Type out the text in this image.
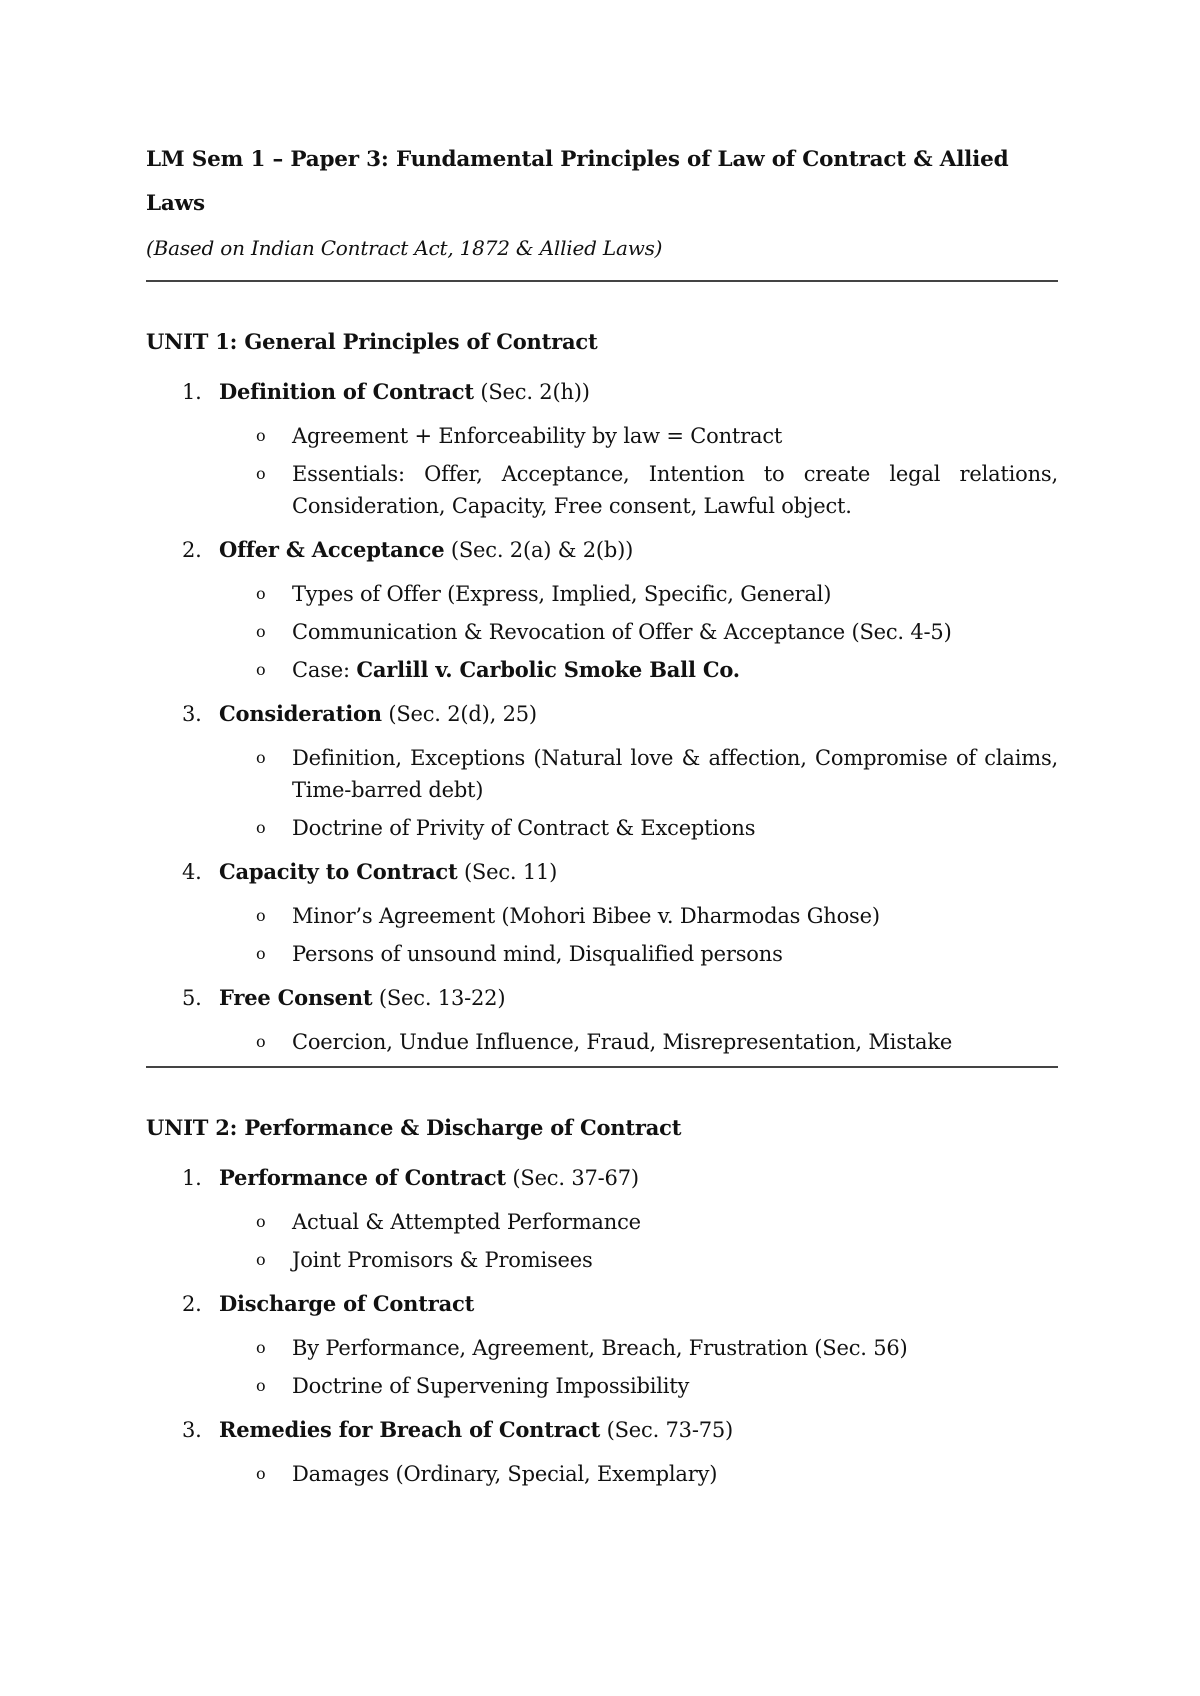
LM Sem 1 – Paper 3: Fundamental Principles of Law of Contract & Allied Laws
(Based on Indian Contract Act, 1872 & Allied Laws)
UNIT 1: General Principles of Contract
1. Definition of Contract (Sec. 2(h))
o Agreement + Enforceability by law = Contract
o Essentials: Offer, Acceptance, Intention to create legal relations, Consideration, Capacity, Free consent, Lawful object.
2. Offer & Acceptance (Sec. 2(a) & 2(b))
o Types of Offer (Express, Implied, Specific, General)
o Communication & Revocation of Offer & Acceptance (Sec. 4-5)
o Case: Carlill v. Carbolic Smoke Ball Co.
3. Consideration (Sec. 2(d), 25)
o Definition, Exceptions (Natural love & affection, Compromise of claims, Time-barred debt)
o Doctrine of Privity of Contract & Exceptions
4. Capacity to Contract (Sec. 11)
o Minor’s Agreement (Mohori Bibee v. Dharmodas Ghose)
o Persons of unsound mind, Disqualified persons
5. Free Consent (Sec. 13-22)
o Coercion, Undue Influence, Fraud, Misrepresentation, Mistake
UNIT 2: Performance & Discharge of Contract
1. Performance of Contract (Sec. 37-67)
o Actual & Attempted Performance
o Joint Promisors & Promisees
2. Discharge of Contract
o By Performance, Agreement, Breach, Frustration (Sec. 56)
o Doctrine of Supervening Impossibility
3. Remedies for Breach of Contract (Sec. 73-75)
o Damages (Ordinary, Special, Exemplary)
